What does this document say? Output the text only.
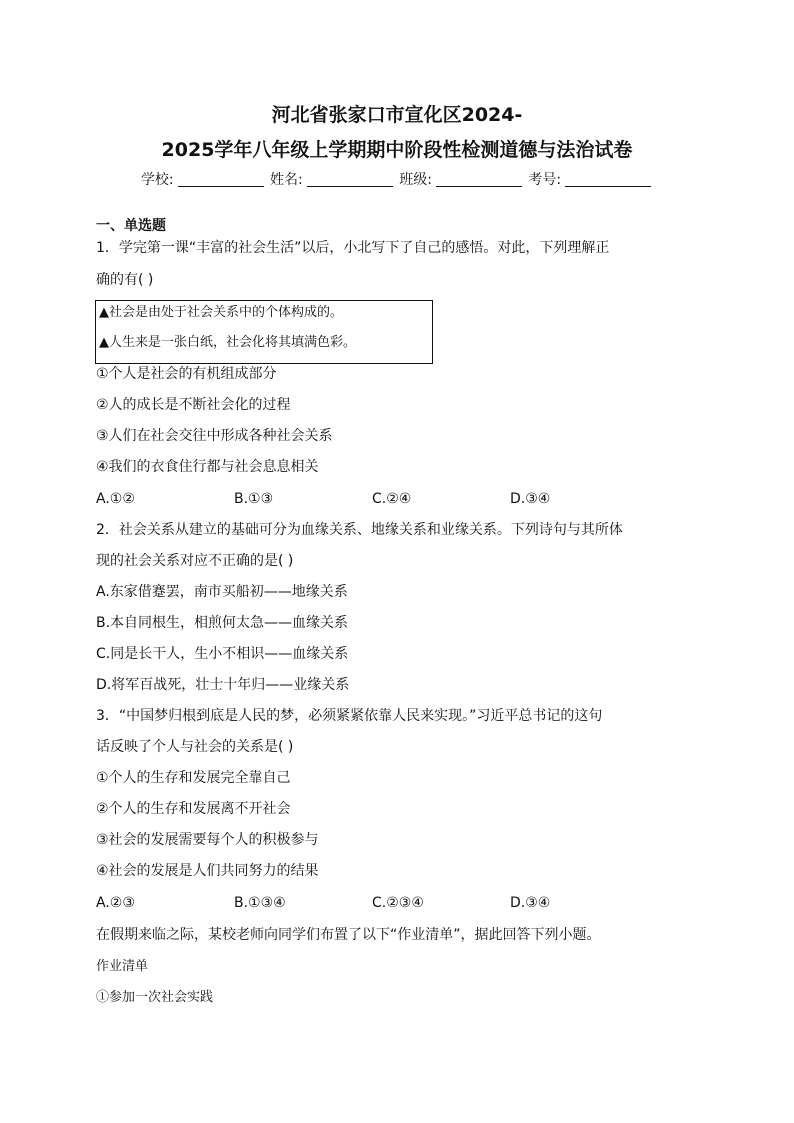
河北省张家口市宣化区2024-
2025学年八年级上学期期中阶段性检测道德与法治试卷
学校:	姓名:	班级:	考号:
一、单选题
1．学完第一课“丰富的社会生活”以后，小北写下了自己的感悟。对此，下列理解正
确的有( )
▲社会是由处于社会关系中的个体构成的。
▲人生来是一张白纸，社会化将其填满色彩。
①个人是社会的有机组成部分
②人的成长是不断社会化的过程
③人们在社会交往中形成各种社会关系
④我们的衣食住行都与社会息息相关
A.①②	B.①③	C.②④	D.③④
2．社会关系从建立的基础可分为血缘关系、地缘关系和业缘关系。下列诗句与其所体
现的社会关系对应不正确的是( )
A.东家借蹇罢，南市买船初——地缘关系
B.本自同根生，相煎何太急——血缘关系
C.同是长干人，生小不相识——血缘关系
D.将军百战死，壮士十年归——业缘关系
3．“中国梦归根到底是人民的梦，必须紧紧依靠人民来实现。”习近平总书记的这句
话反映了个人与社会的关系是( )
①个人的生存和发展完全靠自己
②个人的生存和发展离不开社会
③社会的发展需要每个人的积极参与
④社会的发展是人们共同努力的结果
A.②③	B.①③④	C.②③④	D.③④
在假期来临之际，某校老师向同学们布置了以下“作业清单”，据此回答下列小题。
作业清单
①参加一次社会实践
